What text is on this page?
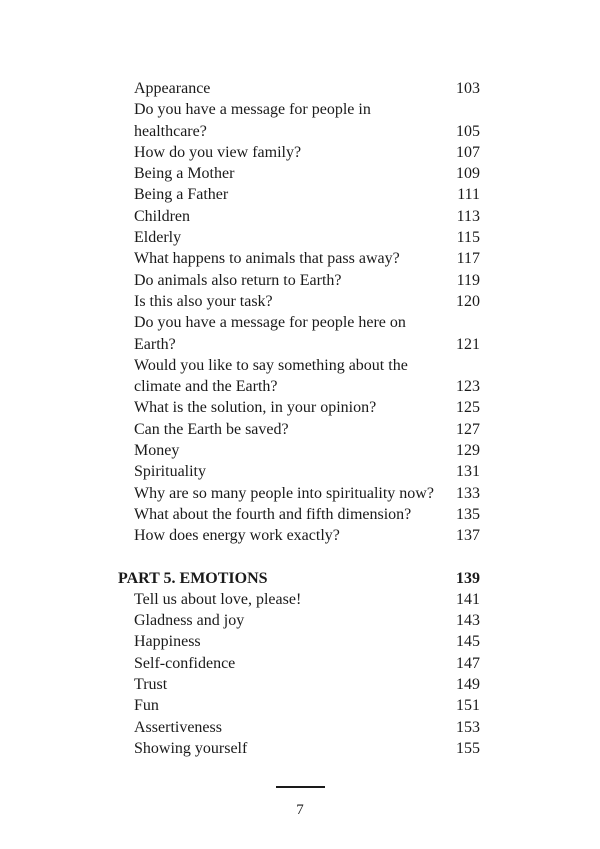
Appearance	103
Do you have a message for people in healthcare?	105
How do you view family?	107
Being a Mother	109
Being a Father	111
Children	113
Elderly	115
What happens to animals that pass away?	117
Do animals also return to Earth?	119
Is this also your task?	120
Do you have a message for people here on Earth?	121
Would you like to say something about the climate and the Earth?	123
What is the solution, in your opinion?	125
Can the Earth be saved?	127
Money	129
Spirituality	131
Why are so many people into spirituality now? 133
What about the fourth and fifth dimension?	135
How does energy work exactly?	137
PART 5. EMOTIONS	139
Tell us about love, please!	141
Gladness and joy	143
Happiness	145
Self-confidence	147
Trust	149
Fun	151
Assertiveness	153
Showing yourself	155
7
